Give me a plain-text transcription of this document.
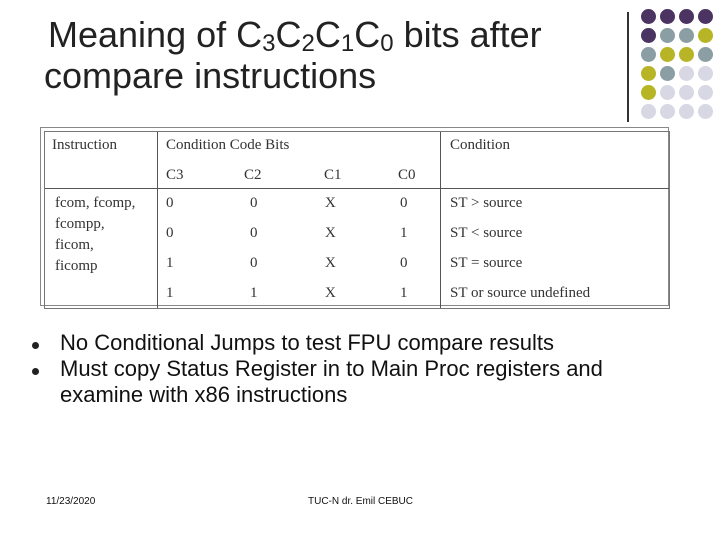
Meaning of $C_3C_2C_1C_0$ bits after
compare instructions
Instruction	Condition Code Bits	Condition
C3	C2	C1	C0
fcom, fcomp,
fcompp,
ficom,
ficomp
0	0	X	0	ST > source
0	0	X	1	ST < source
1	0	X	0	ST = source
1	1	X	1	ST or source undefined
No Conditional Jumps to test FPU compare results
Must copy Status Register in to Main Proc registers and examine with x86 instructions
11/23/2020	TUC-N dr. Emil CEBUC
